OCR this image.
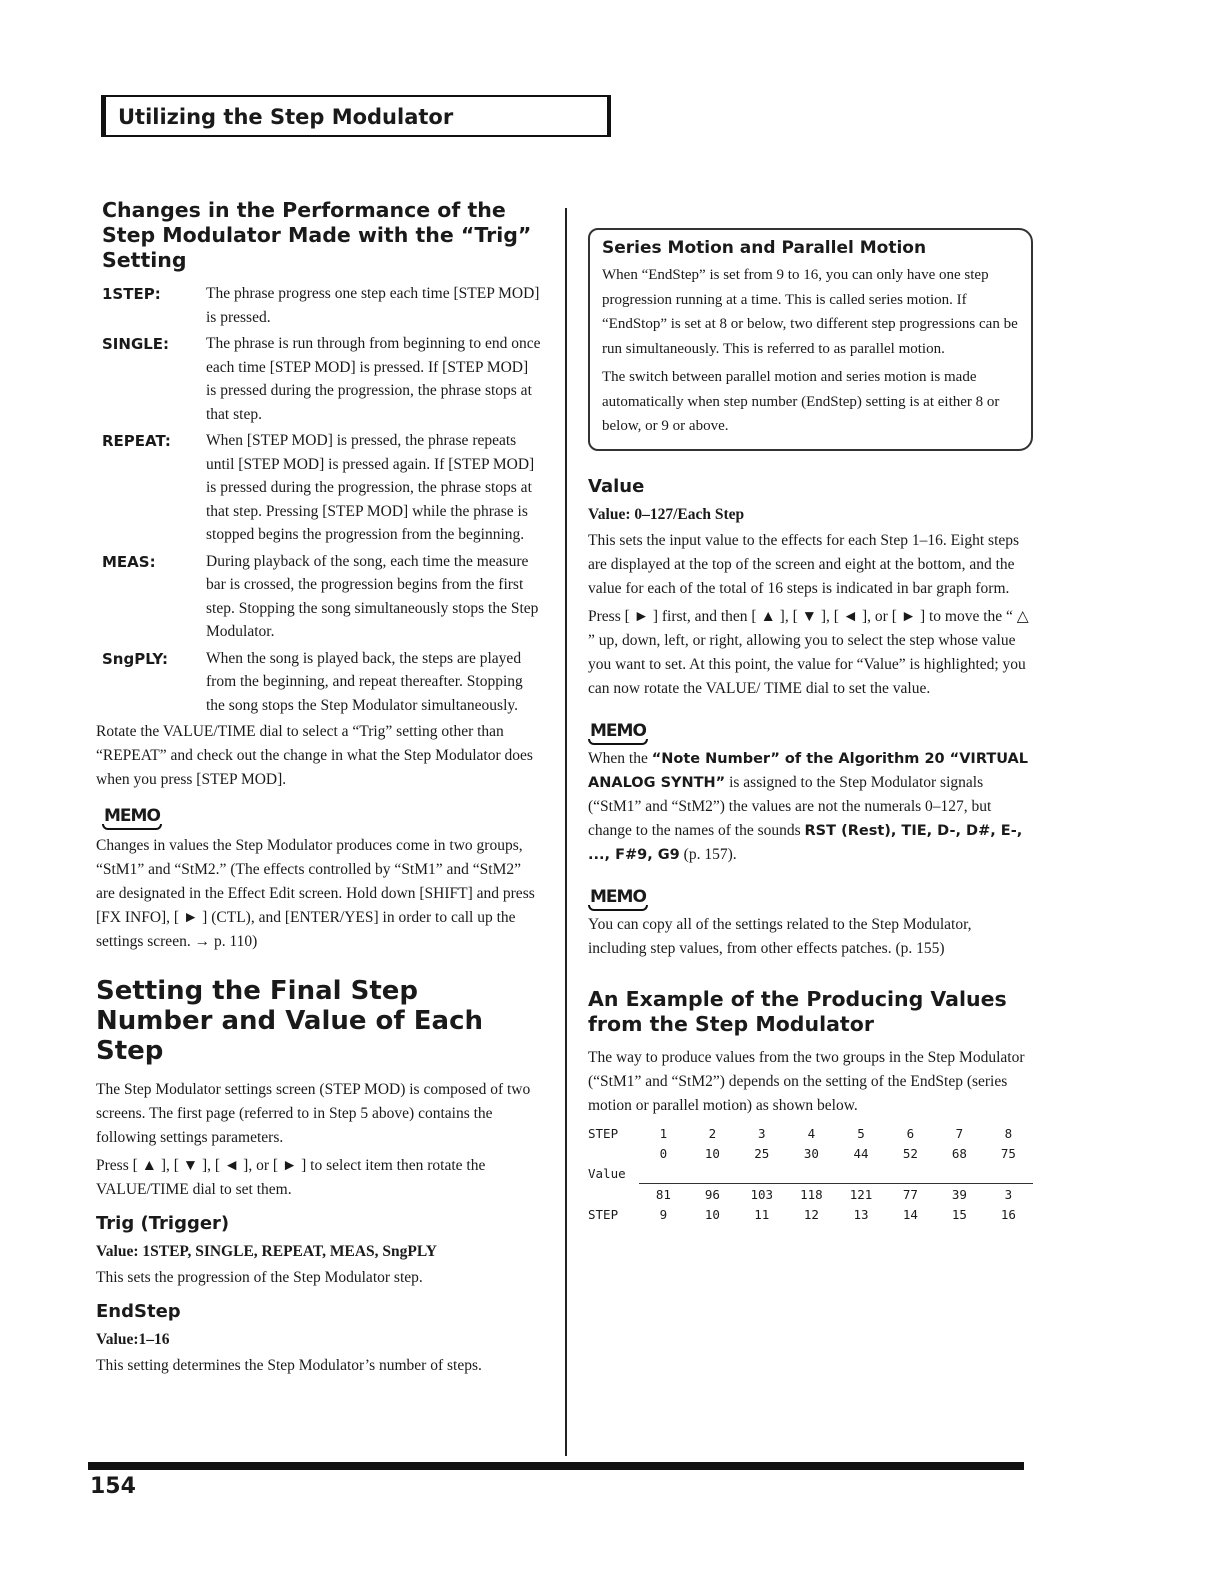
Utilizing the Step Modulator
Changes in the Performance of the Step Modulator Made with the “Trig” Setting
1STEP:	The phrase progress one step each time [STEP MOD] is pressed.
SINGLE:	The phrase is run through from beginning to end once each time [STEP MOD] is pressed. If [STEP MOD] is pressed during the progression, the phrase stops at that step.
REPEAT:	When [STEP MOD] is pressed, the phrase repeats until [STEP MOD] is pressed again. If [STEP MOD] is pressed during the progression, the phrase stops at that step. Pressing [STEP MOD] while the phrase is stopped begins the progression from the beginning.
MEAS:	During playback of the song, each time the measure bar is crossed, the progression begins from the first step. Stopping the song simultaneously stops the Step Modulator.
SngPLY:	When the song is played back, the steps are played from the beginning, and repeat thereafter. Stopping the song stops the Step Modulator simultaneously.

Rotate the VALUE/TIME dial to select a “Trig” setting other than “REPEAT” and check out the change in what the Step Modulator does when you press [STEP MOD].

MEMO

Changes in values the Step Modulator produces come in two groups, “StM1” and “StM2.” (The effects controlled by “StM1” and “StM2” are designated in the Effect Edit screen. Hold down [SHIFT] and press [FX INFO], [ ► ] (CTL), and [ENTER/YES] in order to call up the settings screen. → p. 110)

Setting the Final Step Number and Value of Each Step

The Step Modulator settings screen (STEP MOD) is composed of two screens. The first page (referred to in Step 5 above) contains the following settings parameters.

Press [ ▲ ], [ ▼ ], [ ◄ ], or [ ► ] to select item then rotate the VALUE/TIME dial to set them.

Trig (Trigger)
Value: 1STEP, SINGLE, REPEAT, MEAS, SngPLY

This sets the progression of the Step Modulator step.

EndStep
Value:1–16

This setting determines the Step Modulator’s number of steps.

Series Motion and Parallel Motion

When “EndStep” is set from 9 to 16, you can only have one step progression running at a time. This is called series motion. If “EndStop” is set at 8 or below, two different step progressions can be run simultaneously. This is referred to as parallel motion.

The switch between parallel motion and series motion is made automatically when step number (EndStep) setting is at either 8 or below, or 9 or above.

Value
Value: 0–127/Each Step

This sets the input value to the effects for each Step 1–16. Eight steps are displayed at the top of the screen and eight at the bottom, and the value for each of the total of 16 steps is indicated in bar graph form.

Press [ ► ] first, and then [ ▲ ], [ ▼ ], [ ◄ ], or [ ► ] to move the “ △ ” up, down, left, or right, allowing you to select the step whose value you want to set. At this point, the value for “Value” is highlighted; you can now rotate the VALUE/ TIME dial to set the value.

MEMO

When the “Note Number” of the Algorithm 20 “VIRTUAL ANALOG SYNTH” is assigned to the Step Modulator signals (“StM1” and “StM2”) the values are not the numerals 0–127, but change to the names of the sounds RST (Rest), TIE, D-, D#, E-, ..., F#9, G9 (p. 157).

MEMO

You can copy all of the settings related to the Step Modulator, including step values, from other effects patches. (p. 155)

An Example of the Producing Values from the Step Modulator

The way to produce values from the two groups in the Step Modulator (“StM1” and “StM2”) depends on the setting of the EndStep (series motion or parallel motion) as shown below.

STEP	1	2	3	4	5	6	7	8
	0	10	25	30	44	52	68	75
Value								
	81	96	103	118	121	77	39	3
STEP	9	10	11	12	13	14	15	16
154
